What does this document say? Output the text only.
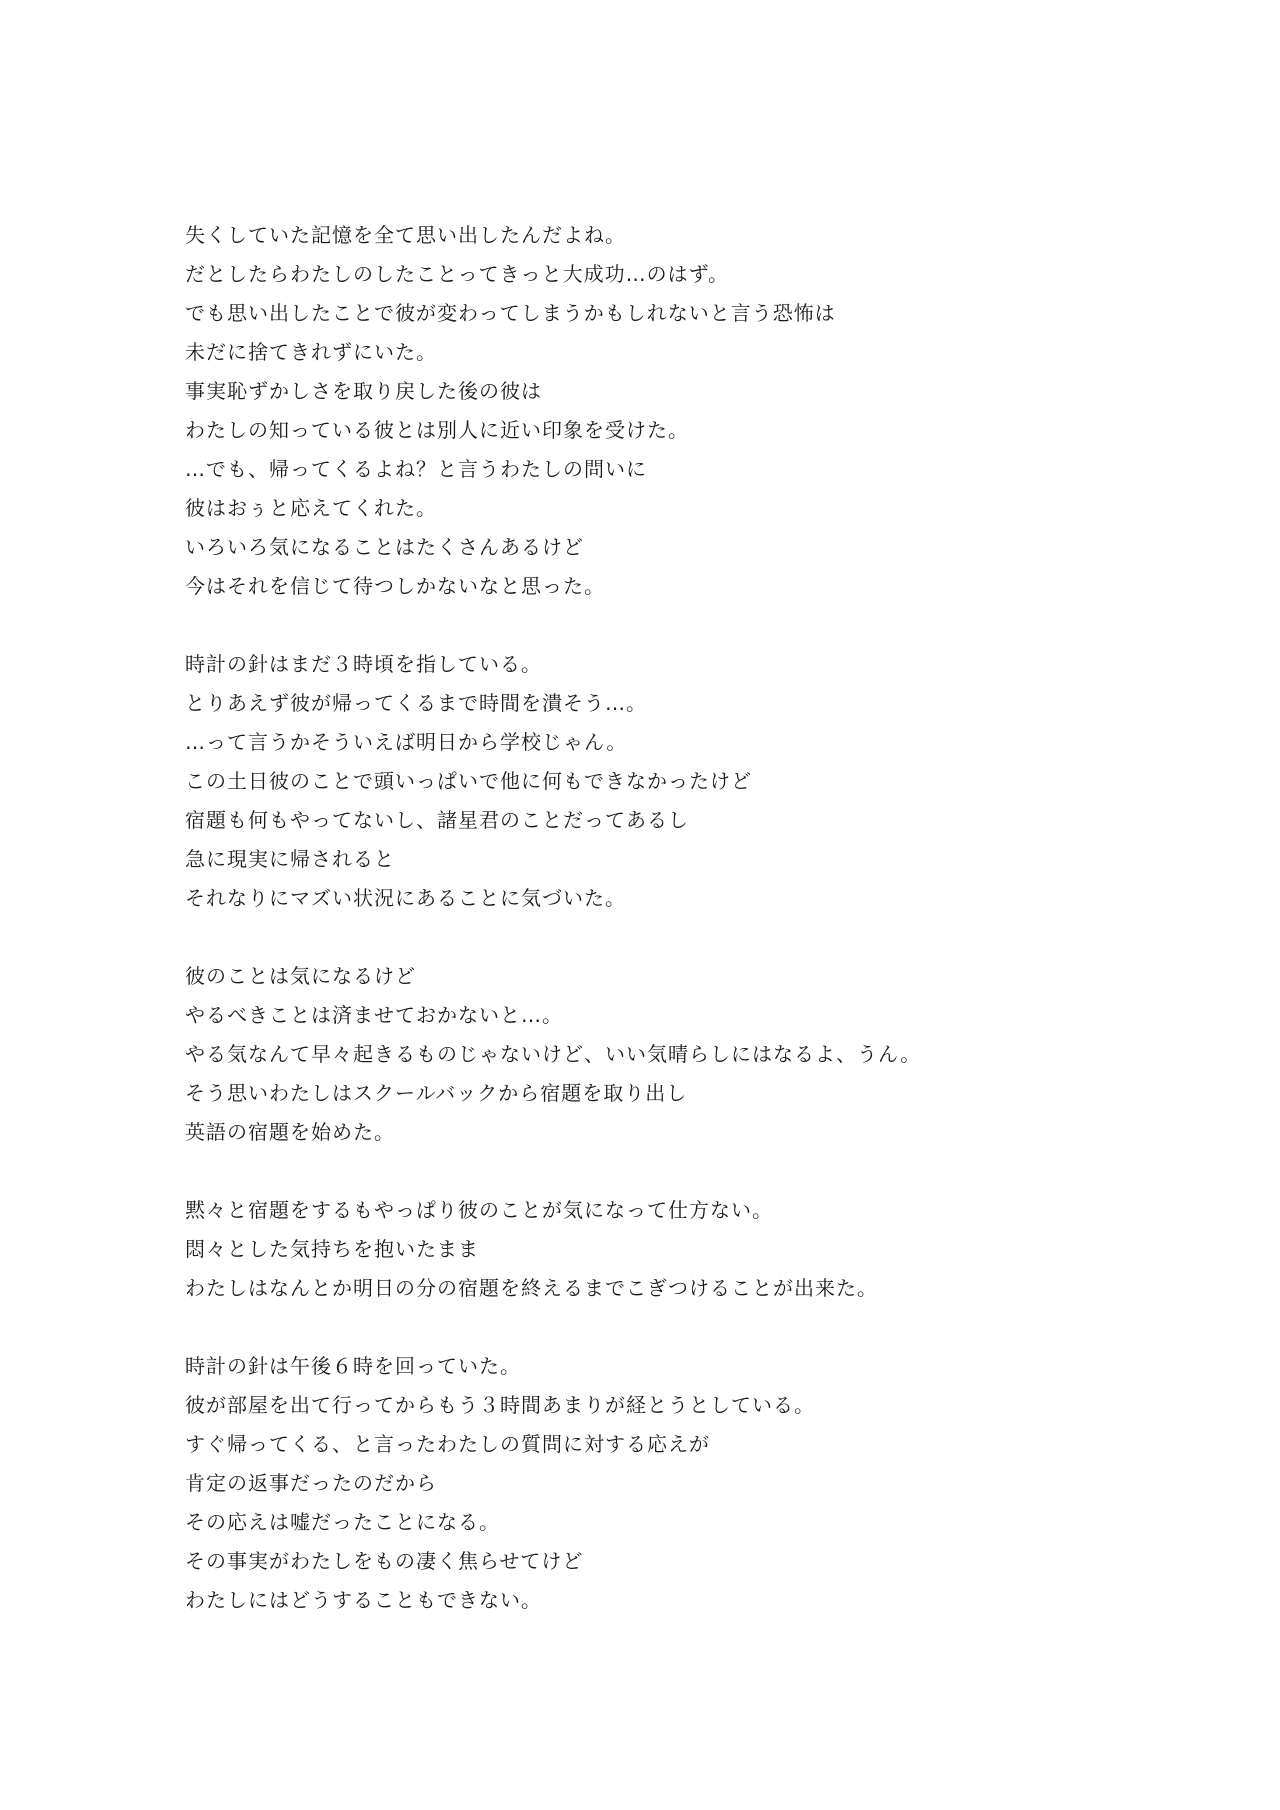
失くしていた記憶を全て思い出したんだよね。
だとしたらわたしのしたことってきっと大成功…のはず。
でも思い出したことで彼が変わってしまうかもしれないと言う恐怖は
未だに捨てきれずにいた。
事実恥ずかしさを取り戻した後の彼は
わたしの知っている彼とは別人に近い印象を受けた。
…でも、帰ってくるよね？と言うわたしの問いに
彼はおぅと応えてくれた。
いろいろ気になることはたくさんあるけど
今はそれを信じて待つしかないなと思った。
時計の針はまだ３時頃を指している。
とりあえず彼が帰ってくるまで時間を潰そう…。
…って言うかそういえば明日から学校じゃん。
この土日彼のことで頭いっぱいで他に何もできなかったけど
宿題も何もやってないし、諸星君のことだってあるし
急に現実に帰されると
それなりにマズい状況にあることに気づいた。
彼のことは気になるけど
やるべきことは済ませておかないと…。
やる気なんて早々起きるものじゃないけど、いい気晴らしにはなるよ、うん。
そう思いわたしはスクールバックから宿題を取り出し
英語の宿題を始めた。
黙々と宿題をするもやっぱり彼のことが気になって仕方ない。
悶々とした気持ちを抱いたまま
わたしはなんとか明日の分の宿題を終えるまでこぎつけることが出来た。
時計の針は午後６時を回っていた。
彼が部屋を出て行ってからもう３時間あまりが経とうとしている。
すぐ帰ってくる、と言ったわたしの質問に対する応えが
肯定の返事だったのだから
その応えは嘘だったことになる。
その事実がわたしをもの凄く焦らせてけど
わたしにはどうすることもできない。
